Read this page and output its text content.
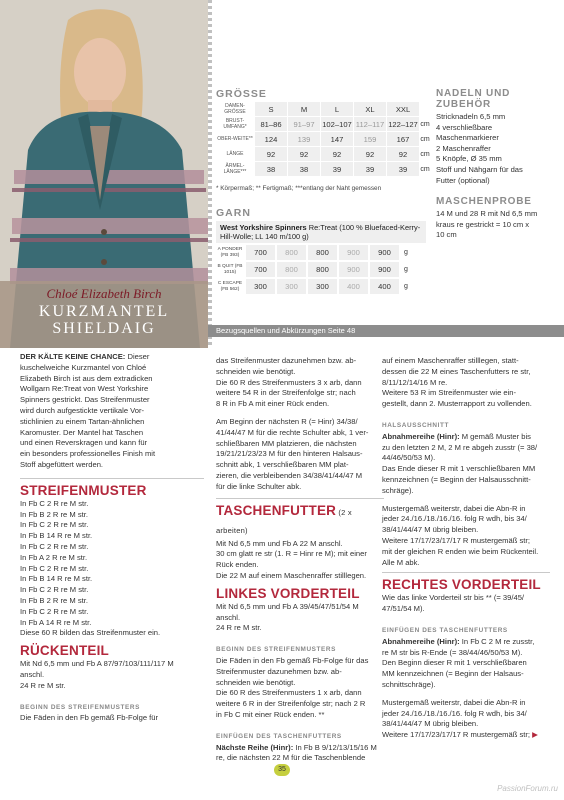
Chloé Elizabeth Birch
KURZMANTEL
SHIELDAIG
GRÖSSE
DAMEN-GRÖSSE	S	M	L	XL	XXL	
BRUST-UMFANG*	81–86	91–97	102–107	112–117	122–127	cm
OBER-WEITE**	124	139	147	159	167	cm
LÄNGE	92	92	92	92	92	cm
ÄRMEL-LÄNGE***	38	38	39	39	39	cm
* Körpermaß; ** Fertigmaß; ***entlang der Naht gemessen
GARN
West Yorkshire Spinners Re:Treat (100 % Bluefaced-Kerry-Hill-Wolle; LL 140 m/100 g)
A PONDER (FB 393)	700	800	800	900	900	g
B QUIT (FB 1015)	700	800	800	900	900	g
C ESCAPE (FB 562)	300	300	300	400	400	g
NADELN UND
ZUBEHÖR
Stricknadeln 6,5 mm
4 verschließbare
Maschenmarkierer
2 Maschenraffer
5 Knöpfe, Ø 35 mm
Stoff und Nähgarn für das
Futter (optional)
MASCHENPROBE
14 M und 28 R mit Nd 6,5 mm
kraus re gestrickt = 10 cm x
10 cm
Bezugsquellen und Abkürzungen Seite 48

DER KÄLTE KEINE CHANCE: Dieser
kuschelweiche Kurzmantel von Chloé
Elizabeth Birch ist aus dem extradicken
Wollgarn Re:Treat von West Yorkshire
Spinners gestrickt. Das Streifenmuster
wird durch aufgestickte vertikale Vor-
stichlinien zu einem Tartan-ähnlichen
Karomuster. Der Mantel hat Taschen
und einen Reverskragen und kann für
ein besonders professionelles Finish mit
Stoff abgefüttert werden.

STREIFENMUSTER

In Fb C 2 R re M str.
In Fb B 2 R re M str.
In Fb C 2 R re M str.
In Fb B 14 R re M str.
In Fb C 2 R re M str.
In Fb A 2 R re M str.
In Fb C 2 R re M str.
In Fb B 14 R re M str.
In Fb C 2 R re M str.
In Fb B 2 R re M str.
In Fb C 2 R re M str.
In Fb A 14 R re M str.
Diese 60 R bilden das Streifenmuster ein.

RÜCKENTEIL

Mit Nd 6,5 mm und Fb A 87/97/103/111/117 M
anschl.
24 R re M str.

BEGINN DES STREIFENMUSTERS

Die Fäden in den Fb gemäß Fb-Folge für

das Streifenmuster dazunehmen bzw. ab-
schneiden wie benötigt.
Die 60 R des Streifenmusters 3 x arb, dann
weitere 54 R in der Streifenfolge str; nach
8 R in Fb A mit einer Rück enden.

Am Beginn der nächsten R (= Hinr) 34/38/
41/44/47 M für die rechte Schulter abk, 1 ver-
schließbaren MM platzieren, die nächsten
19/21/21/23/23 M für den hinteren Halsaus-
schnitt abk, 1 verschließbaren MM plat-
zieren, die verbleibenden 34/38/41/44/47 M
für die linke Schulter abk.

TASCHENFUTTER (2 x arbeiten)

Mit Nd 6,5 mm und Fb A 22 M anschl.
30 cm glatt re str (1. R = Hinr re M); mit einer
Rück enden.
Die 22 M auf einem Maschenraffer stilllegen.

LINKES VORDERTEIL

Mit Nd 6,5 mm und Fb A 39/45/47/51/54 M
anschl.
24 R re M str.

BEGINN DES STREIFENMUSTERS

Die Fäden in den Fb gemäß Fb-Folge für das
Streifenmuster dazunehmen bzw. ab-
schneiden wie benötigt.
Die 60 R des Streifenmusters 1 x arb, dann
weitere 6 R in der Streifenfolge str; nach 2 R
in Fb C mit einer Rück enden. **

EINFÜGEN DES TASCHENFUTTERS

Nächste Reihe (Hinr): In Fb B 9/12/13/15/16 M
re, die nächsten 22 M für die Taschenblende

auf einem Maschenraffer stilllegen, statt-
dessen die 22 M eines Taschenfutters re str,
8/11/12/14/16 M re.
Weitere 53 R im Streifenmuster wie ein-
gestellt, dann 2. Musterrapport zu vollenden.

HALSAUSSCHNITT

Abnahmereihe (Hinr): M gemäß Muster bis
zu den letzten 2 M, 2 M re abgeh zusstr (= 38/
44/46/50/53 M).
Das Ende dieser R mit 1 verschließbaren MM
kennzeichnen (= Beginn der Halsausschnitt-
schräge).

Mustergemäß weiterstr, dabei die Abn-R in
jeder 24./16./18./16./16. folg R wdh, bis 34/
38/41/44/47 M übrig bleiben.
Weitere 17/17/23/17/17 R mustergemäß str;
mit der gleichen R enden wie beim Rückenteil.
Alle M abk.

RECHTES VORDERTEIL

Wie das linke Vorderteil str bis ** (= 39/45/
47/51/54 M).

EINFÜGEN DES TASCHENFUTTERS

Abnahmereihe (Hinr): In Fb C 2 M re zusstr,
re M str bis R-Ende (= 38/44/46/50/53 M).
Den Beginn dieser R mit 1 verschließbaren
MM kennzeichnen (= Beginn der Halsaus-
schnittschräge).

Mustergemäß weiterstr, dabei die Abn-R in
jeder 24./16./18./16./16. folg R wdh, bis 34/
38/41/44/47 M übrig bleiben.
Weitere 17/17/23/17/17 R mustergemäß str; ▶

35
PassionForum.ru
